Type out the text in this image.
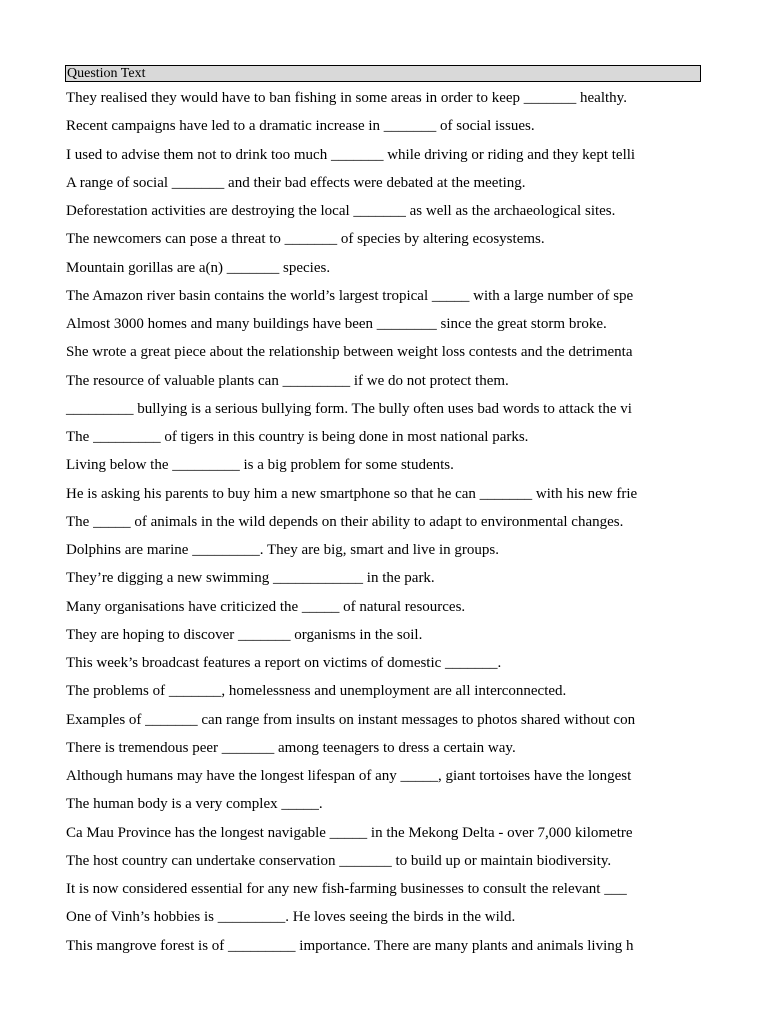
Question Text
They realised they would have to ban fishing in some areas in order to keep _______ healthy.
Recent campaigns have led to a dramatic increase in _______ of social issues.
I used to advise them not to drink too much _______ while driving or riding and they kept telli
A range of social _______ and their bad effects were debated at the meeting.
Deforestation activities are destroying the local _______ as well as the archaeological sites.
The newcomers can pose a threat to _______ of species by altering ecosystems.
Mountain gorillas are a(n) _______ species.
The Amazon river basin contains the world’s largest tropical _____ with a large number of spe
Almost 3000 homes and many buildings have been ________ since the great storm broke.
She wrote a great piece about the relationship between weight loss contests and the detrimenta
The resource of valuable plants can _________ if we do not protect them.
_________ bullying is a serious bullying form. The bully often uses bad words to attack the vi
The _________ of tigers in this country is being done in most national parks.
Living below the _________ is a big problem for some students.
He is asking his parents to buy him a new smartphone so that he can _______ with his new frie
The _____ of animals in the wild depends on their ability to adapt to environmental changes.
Dolphins are marine _________. They are big, smart and live in groups.
They’re digging a new swimming ____________ in the park.
Many organisations have criticized the _____ of natural resources.
They are hoping to discover _______ organisms in the soil.
This week’s broadcast features a report on victims of domestic _______.
The problems of _______, homelessness and unemployment are all interconnected.
Examples of _______ can range from insults on instant messages to photos shared without con
There is tremendous peer _______ among teenagers to dress a certain way.
Although humans may have the longest lifespan of any _____, giant tortoises have the longest
The human body is a very complex _____.
Ca Mau Province has the longest navigable _____ in the Mekong Delta - over 7,000 kilometre
The host country can undertake conservation _______ to build up or maintain biodiversity.
It is now considered essential for any new fish-farming businesses to consult the relevant ___
One of Vinh’s hobbies is _________. He loves seeing the birds in the wild.
This mangrove forest is of _________ importance. There are many plants and animals living h
